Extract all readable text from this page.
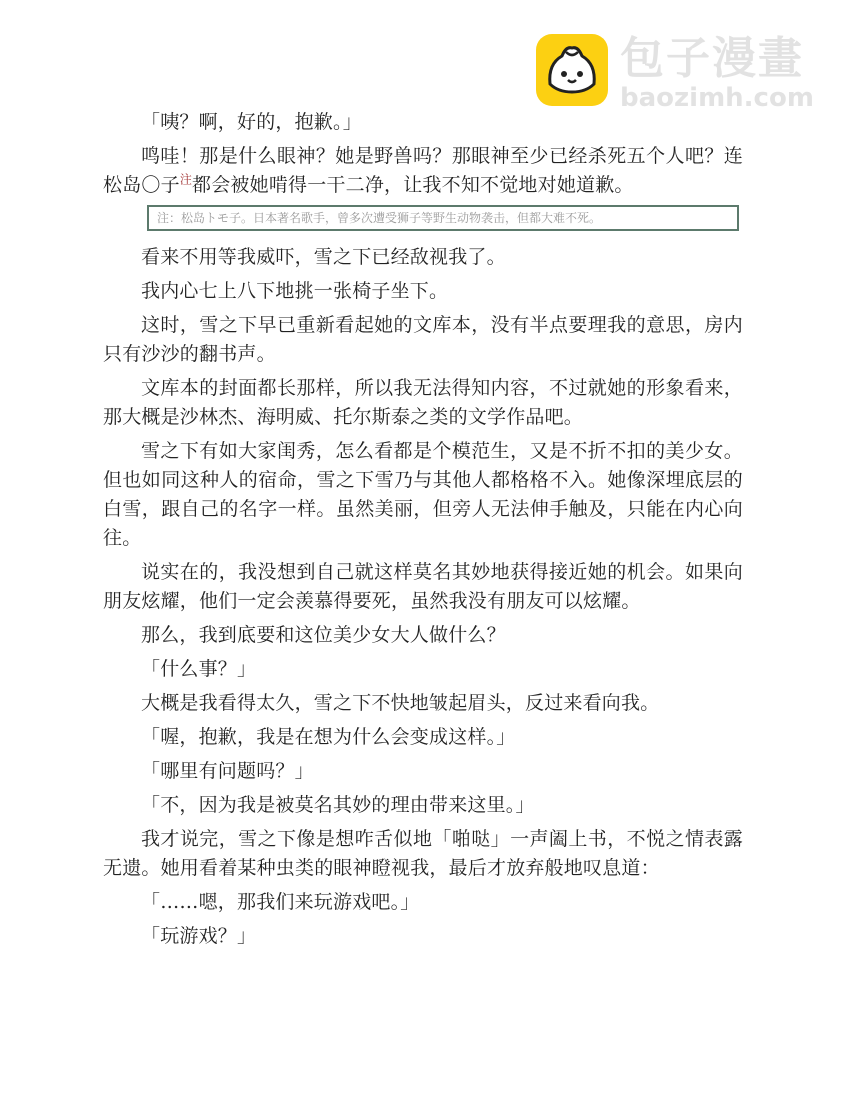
包子漫畫
baozimh.com

「咦？啊，好的，抱歉。」

鸣哇！那是什么眼神？她是野兽吗？那眼神至少已经杀死五个人吧？连松岛〇子$^注$都会被她啃得一干二净，让我不知不觉地对她道歉。

注：松岛トモ子。日本著名歌手，曾多次遭受狮子等野生动物袭击，但都大难不死。

看来不用等我威吓，雪之下已经敌视我了。

我内心七上八下地挑一张椅子坐下。

这时，雪之下早已重新看起她的文库本，没有半点要理我的意思，房内只有沙沙的翻书声。

文库本的封面都长那样，所以我无法得知内容，不过就她的形象看来，那大概是沙林杰、海明威、托尔斯泰之类的文学作品吧。

雪之下有如大家闺秀，怎么看都是个模范生，又是不折不扣的美少女。但也如同这种人的宿命，雪之下雪乃与其他人都格格不入。她像深埋底层的白雪，跟自己的名字一样。虽然美丽，但旁人无法伸手触及，只能在内心向往。

说实在的，我没想到自己就这样莫名其妙地获得接近她的机会。如果向朋友炫耀，他们一定会羡慕得要死，虽然我没有朋友可以炫耀。

那么，我到底要和这位美少女大人做什么？

「什么事？」

大概是我看得太久，雪之下不快地皱起眉头，反过来看向我。

「喔，抱歉，我是在想为什么会变成这样。」

「哪里有问题吗？」

「不，因为我是被莫名其妙的理由带来这里。」

我才说完，雪之下像是想咋舌似地「啪哒」一声阖上书，不悦之情表露无遗。她用看着某种虫类的眼神瞪视我，最后才放弃般地叹息道：

「……嗯，那我们来玩游戏吧。」

「玩游戏？」
